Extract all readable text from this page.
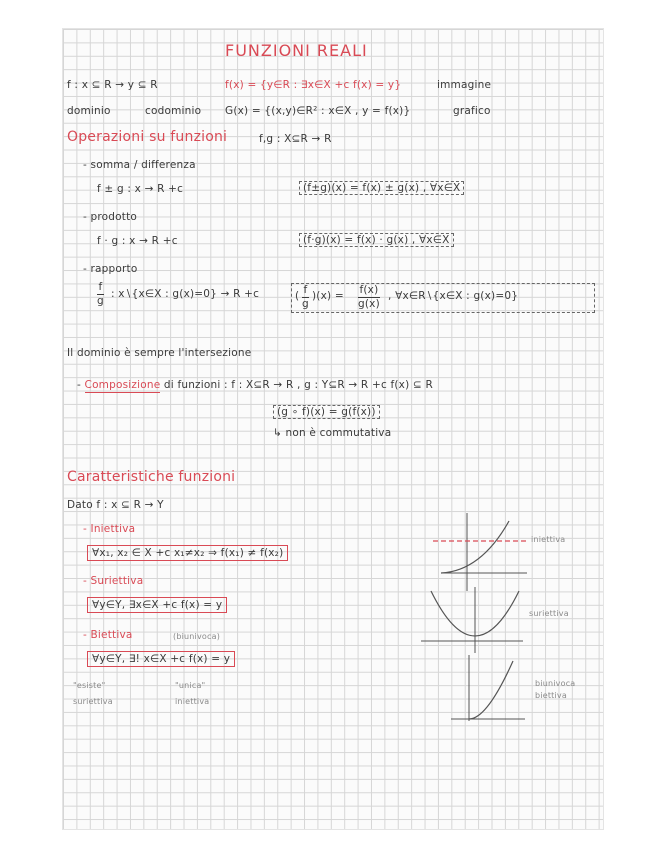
FUNZIONI REALI
f : x ⊆ R → y ⊆ R	f(x) = {y∈R : ∃x∈X +c f(x) = y}	immagine
dominio	codominio G(x) = {(x,y)∈R² : x∈X , y = f(x)}	grafico
Operazioni su funzioni	f,g : X⊆R → R
- somma / differenza
f ± g : x → R +c	(f±g)(x) = f(x) ± g(x) , ∀x∈X
- prodotto
f · g : x → R +c	(f·g)(x) = f(x) · g(x) , ∀x∈X
- rapporto
$\frac{f}{g}$ : x∖{x∈X : g(x)=0} → R +c	( f
g
)$(x) = \frac{f(x)}{g(x)}$ , ∀x∈R∖{x∈X : g(x)=0}
Il dominio è sempre l'intersezione
- Composizione di funzioni : f : X⊆R → R , g : Y⊆R → R +c f(x) ⊆ R
(g ∘ f)(x) = g(f(x))
↳ non è commutativa
Caratteristiche funzioni
Dato f : x ⊆ R → Y
- Iniettiva
∀x₁, x₂ ∈ X +c x₁≠x₂ ⇒ f(x₁) ≠ f(x₂)
- Suriettiva
∀y∈Y, ∃x∈X +c f(x) = y
- Biettiva	(biunivoca)
∀y∈Y, ∃! x∈X +c f(x) = y
"esiste"	"unica"
suriettiva	iniettiva
iniettiva
suriettiva
biunivoca
biettiva
